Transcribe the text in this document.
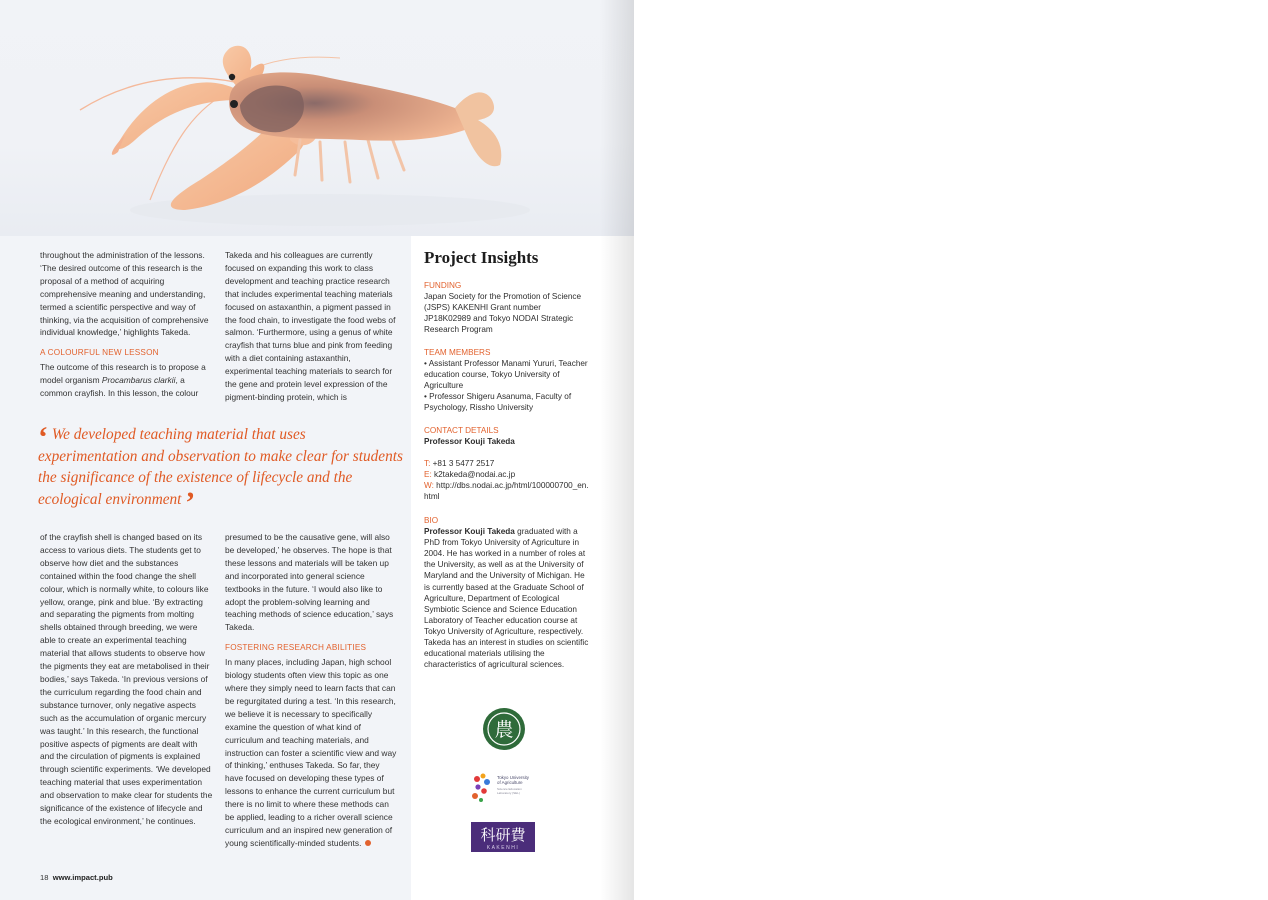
throughout the administration of the lessons. ‘The desired outcome of this research is the proposal of a method of acquiring comprehensive meaning and understanding, termed a scientific perspective and way of thinking, via the acquisition of comprehensive individual knowledge,’ highlights Takeda.

A COLOURFUL NEW LESSON

The outcome of this research is to propose a model organism Procambarus clarkii, a common crayfish. In this lesson, the colour

Takeda and his colleagues are currently focused on expanding this work to class development and teaching practice research that includes experimental teaching materials focused on astaxanthin, a pigment passed in the food chain, to investigate the food webs of salmon. ‘Furthermore, using a genus of white crayfish that turns blue and pink from feeding with a diet containing astaxanthin, experimental teaching materials to search for the gene and protein level expression of the pigment-binding protein, which is

‘ We developed teaching material that uses experimentation and observation to make clear for students the significance of the existence of lifecycle and the ecological environment ’

of the crayfish shell is changed based on its access to various diets. The students get to observe how diet and the substances contained within the food change the shell colour, which is normally white, to colours like yellow, orange, pink and blue. ‘By extracting and separating the pigments from molting shells obtained through breeding, we were able to create an experimental teaching material that allows students to observe how the pigments they eat are metabolised in their bodies,’ says Takeda. ‘In previous versions of the curriculum regarding the food chain and substance turnover, only negative aspects such as the accumulation of organic mercury was taught.’ In this research, the functional positive aspects of pigments are dealt with and the circulation of pigments is explained through scientific experiments. ‘We developed teaching material that uses experimentation and observation to make clear for students the significance of the existence of lifecycle and the ecological environment,’ he continues.

presumed to be the causative gene, will also be developed,’ he observes. The hope is that these lessons and materials will be taken up and incorporated into general science textbooks in the future. ‘I would also like to adopt the problem-solving learning and teaching methods of science education,’ says Takeda.

FOSTERING RESEARCH ABILITIES

In many places, including Japan, high school biology students often view this topic as one where they simply need to learn facts that can be regurgitated during a test. ‘In this research, we believe it is necessary to specifically examine the question of what kind of curriculum and teaching materials, and instruction can foster a scientific view and way of thinking,’ enthuses Takeda. So far, they have focused on developing these types of lessons to enhance the current curriculum but there is no limit to where these methods can be applied, leading to a richer overall science curriculum and an inspired new generation of young scientifically-minded students.

Project Insights
FUNDING
Japan Society for the Promotion of Science (JSPS) KAKENHI Grant number JP18K02989 and Tokyo NODAI Strategic Research Program
TEAM MEMBERS
• Assistant Professor Manami Yururi, Teacher education course, Tokyo University of Agriculture
• Professor Shigeru Asanuma, Faculty of Psychology, Rissho University
CONTACT DETAILS
Professor Kouji Takeda
T: +81 3 5477 2517
E: k2takeda@nodai.ac.jp
W: http://dbs.nodai.ac.jp/html/100000700_en.html
BIO
Professor Kouji Takeda graduated with a PhD from Tokyo University of Agriculture in 2004. He has worked in a number of roles at the University, as well as at the University of Maryland and the University of Michigan. He is currently based at the Graduate School of Agriculture, Department of Ecological Symbiotic Science and Science Education Laboratory of Teacher education course at Tokyo University of Agriculture, respectively. Takeda has an interest in studies on scientific educational materials utilising the characteristics of agricultural sciences.
農
Tokyo University
of Agriculture
Science Education
Laboratory (SEL)
科研費
KAKENHI
18 www.impact.pub
